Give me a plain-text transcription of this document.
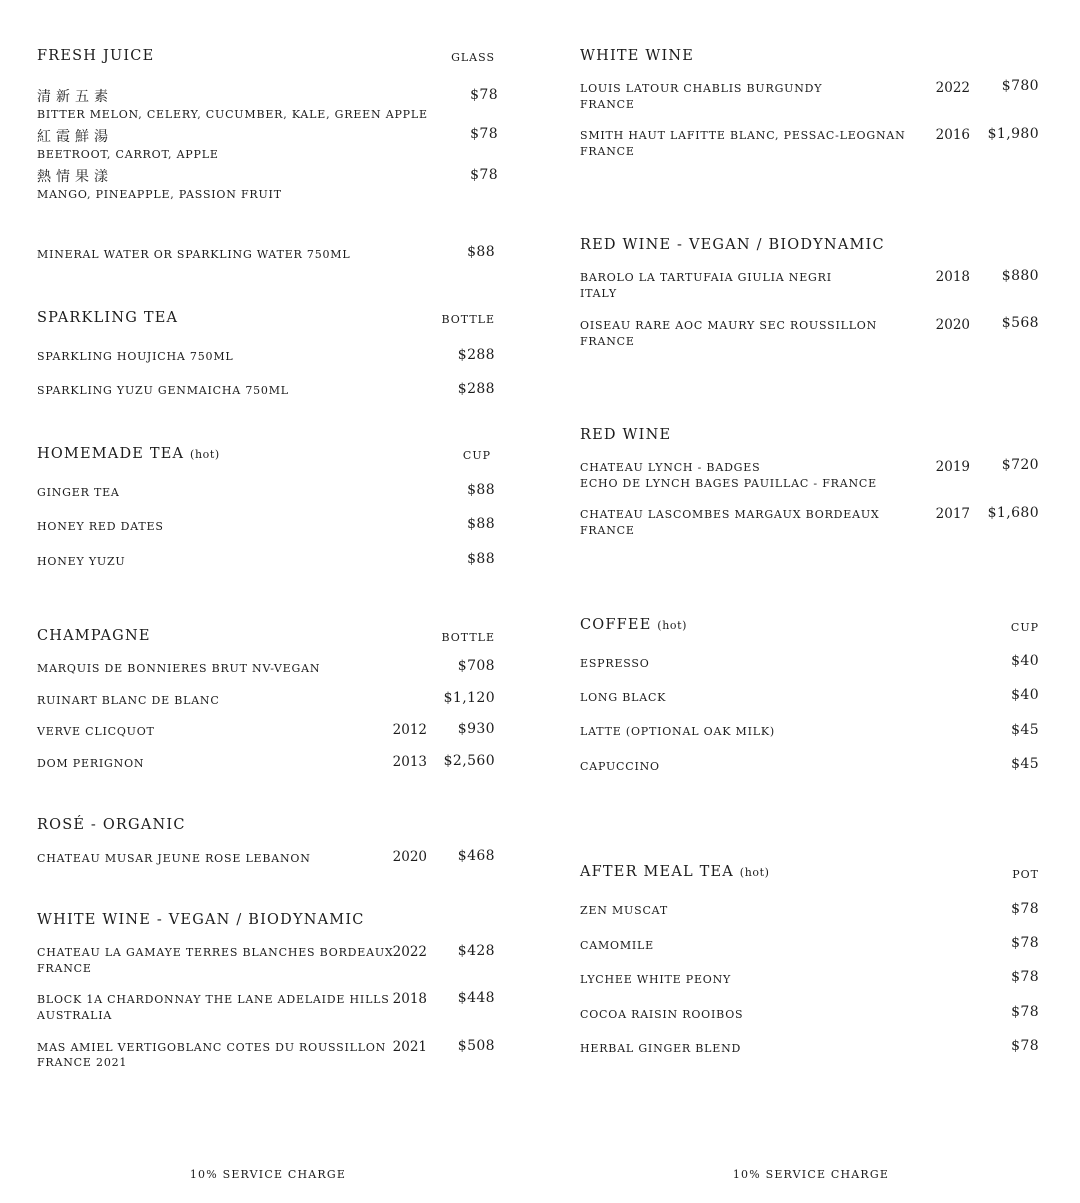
FRESH JUICE	GLASS
清新五素
BITTER MELON, CELERY, CUCUMBER, KALE, GREEN APPLE
$78
紅霞鮮湯
BEETROOT, CARROT, APPLE
$78
熱情果漾
MANGO, PINEAPPLE, PASSION FRUIT
$78
MINERAL WATER OR SPARKLING WATER 750ML	$88
SPARKLING TEA	BOTTLE
SPARKLING HOUJICHA 750ML	$288
SPARKLING YUZU GENMAICHA 750ML	$288
HOMEMADE TEA (hot)	CUP
GINGER TEA	$88
HONEY RED DATES	$88
HONEY YUZU	$88
CHAMPAGNE	BOTTLE
MARQUIS DE BONNIERES BRUT NV-VEGAN	$708
RUINART BLANC DE BLANC	$1,120
VERVE CLICQUOT	2012 $930
DOM PERIGNON	2013 $2,560
ROSÉ - ORGANIC
CHATEAU MUSAR JEUNE ROSE LEBANON	2020 $468
WHITE WINE - VEGAN / BIODYNAMIC
CHATEAU LA GAMAYE TERRES BLANCHES BORDEAUX
FRANCE
2022 $428
BLOCK 1A CHARDONNAY THE LANE ADELAIDE HILLS
AUSTRALIA
2018 $448
MAS AMIEL VERTIGOBLANC COTES DU ROUSSILLON
FRANCE 2021
2021 $508
10% SERVICE CHARGE
WHITE WINE
LOUIS LATOUR CHABLIS BURGUNDY
FRANCE
2022 $780
SMITH HAUT LAFITTE BLANC, PESSAC-LEOGNAN
FRANCE
2016 $1,980
RED WINE - VEGAN / BIODYNAMIC
BAROLO LA TARTUFAIA GIULIA NEGRI
ITALY
2018 $880
OISEAU RARE AOC MAURY SEC ROUSSILLON
FRANCE
2020 $568
RED WINE
CHATEAU LYNCH - BADGES
ECHO DE LYNCH BAGES PAUILLAC - FRANCE
2019 $720
CHATEAU LASCOMBES MARGAUX BORDEAUX
FRANCE
2017 $1,680
COFFEE (hot)	CUP
ESPRESSO	$40
LONG BLACK	$40
LATTE (OPTIONAL OAK MILK)	$45
CAPUCCINO	$45
AFTER MEAL TEA (hot)	POT
ZEN MUSCAT	$78
CAMOMILE	$78
LYCHEE WHITE PEONY	$78
COCOA RAISIN ROOIBOS	$78
HERBAL GINGER BLEND	$78
10% SERVICE CHARGE
